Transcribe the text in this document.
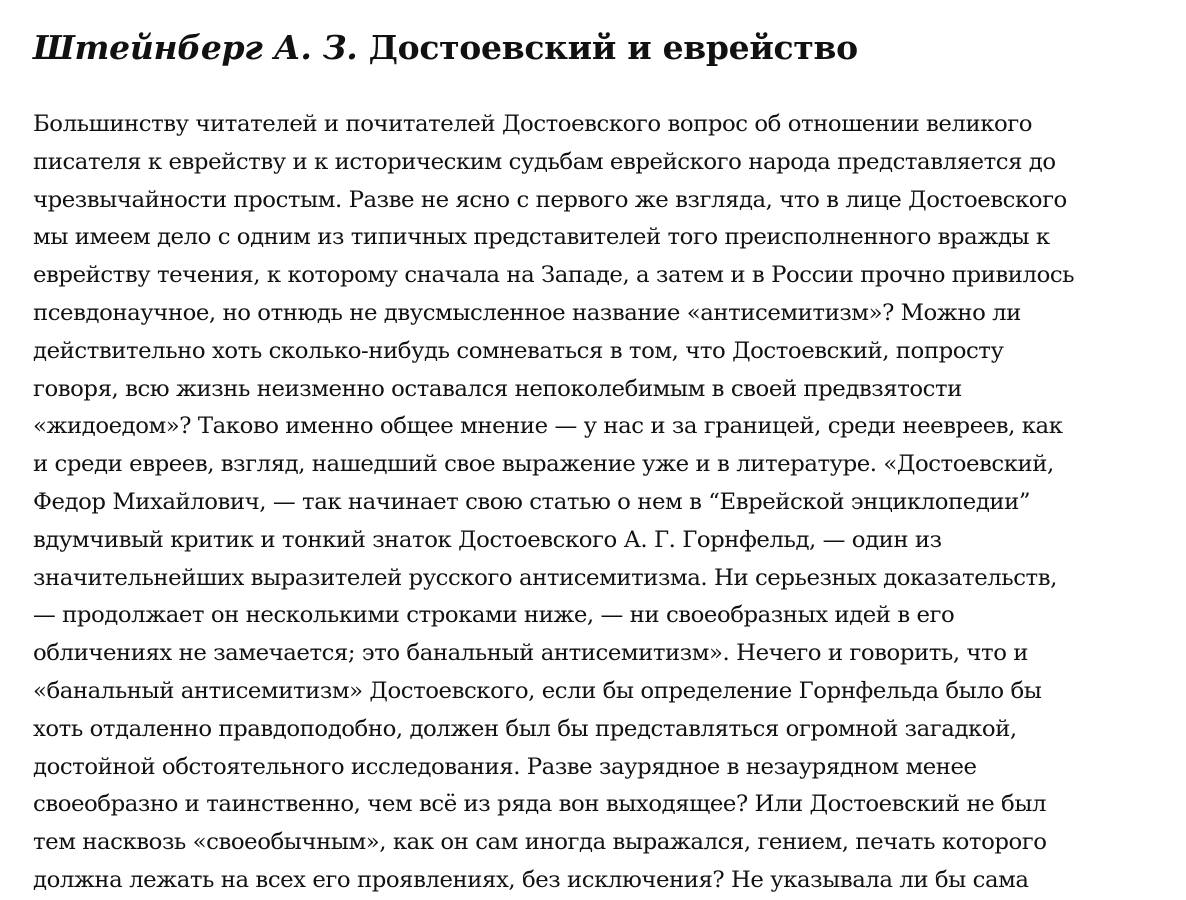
Штейнберг А. З. Достоевский и еврейство
Большинству читателей и почитателей Достоевского вопрос об отношении великого
писателя к еврейству и к историческим судьбам еврейского народа представляется до
чрезвычайности простым. Разве не ясно с первого же взгляда, что в лице Достоевского
мы имеем дело с одним из типичных представителей того преисполненного вражды к
еврейству течения, к которому сначала на Западе, а затем и в России прочно привилось
псевдонаучное, но отнюдь не двусмысленное название «антисемитизм»? Можно ли
действительно хоть сколько-нибудь сомневаться в том, что Достоевский, попросту
говоря, всю жизнь неизменно оставался непоколебимым в своей предвзятости
«жидоедом»? Таково именно общее мнение — у нас и за границей, среди неевреев, как
и среди евреев, взгляд, нашедший свое выражение уже и в литературе. «Достоевский,
Федор Михайлович, — так начинает свою статью о нем в “Еврейской энциклопедии”
вдумчивый критик и тонкий знаток Достоевского А. Г. Горнфельд, — один из
значительнейших выразителей русского антисемитизма. Ни серьезных доказательств,
— продолжает он несколькими строками ниже, — ни своеобразных идей в его
обличениях не замечается; это банальный антисемитизм». Нечего и говорить, что и
«банальный антисемитизм» Достоевского, если бы определение Горнфельда было бы
хоть отдаленно правдоподобно, должен был бы представляться огромной загадкой,
достойной обстоятельного исследования. Разве заурядное в незаурядном менее
своеобразно и таинственно, чем всё из ряда вон выходящее? Или Достоевский не был
тем насквозь «своеобычным», как он сам иногда выражался, гением, печать которого
должна лежать на всех его проявлениях, без исключения? Не указывала ли бы сама
